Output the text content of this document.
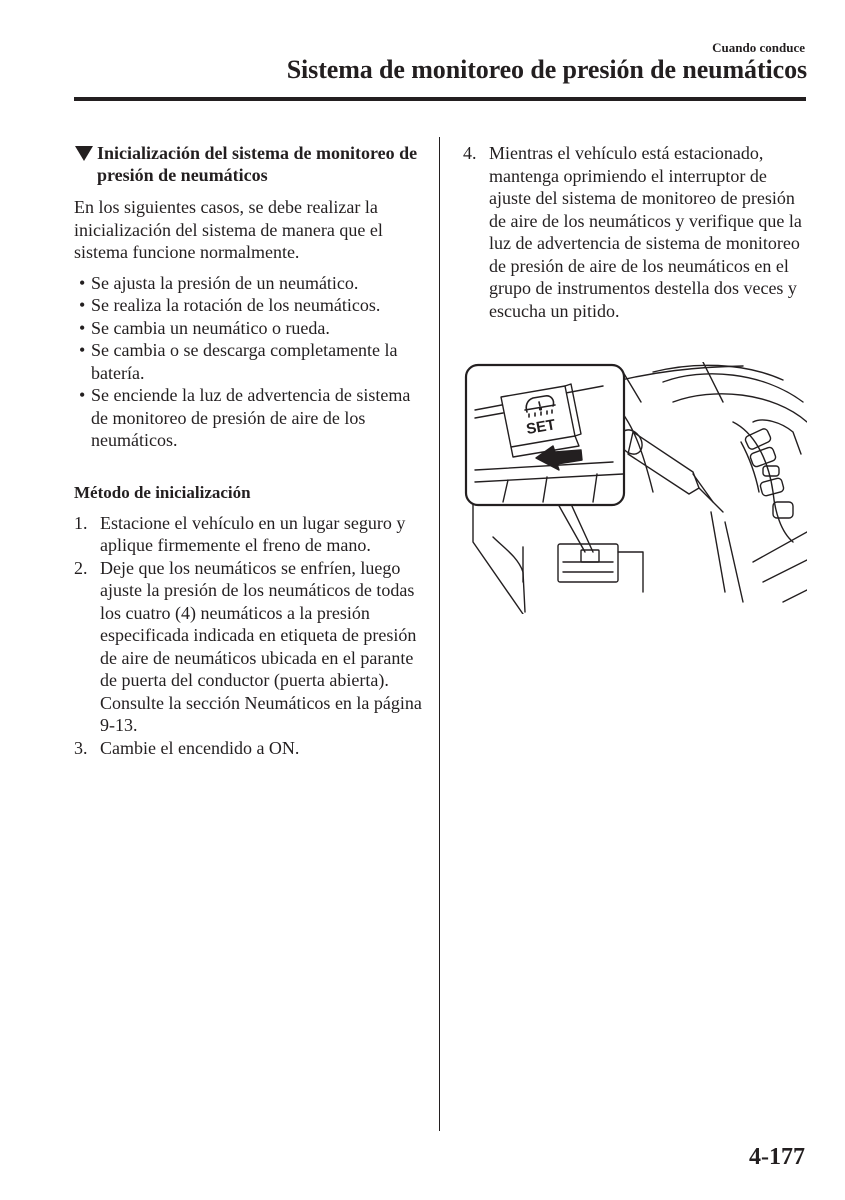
Cuando conduce
Sistema de monitoreo de presión de neumáticos
Inicialización del sistema de monitoreo de presión de neumáticos

En los siguientes casos, se debe realizar la inicialización del sistema de manera que el sistema funcione normalmente.

• Se ajusta la presión de un neumático.
• Se realiza la rotación de los neumáticos.
• Se cambia un neumático o rueda.
• Se cambia o se descarga completamente la batería.
• Se enciende la luz de advertencia de sistema de monitoreo de presión de aire de los neumáticos.
Método de inicialización
1. Estacione el vehículo en un lugar seguro y aplique firmemente el freno de mano.
2. Deje que los neumáticos se enfríen, luego ajuste la presión de los neumáticos de todas los cuatro (4) neumáticos a la presión especificada indicada en etiqueta de presión de aire de neumáticos ubicada en el parante de puerta del conductor (puerta abierta). Consulte la sección Neumáticos en la página 9-13.
3. Cambie el encendido a ON.
4. Mientras el vehículo está estacionado, mantenga oprimiendo el interruptor de ajuste del sistema de monitoreo de presión de aire de los neumáticos y verifique que la luz de advertencia de sistema de monitoreo de presión de aire de los neumáticos en el grupo de instrumentos destella dos veces y escucha un pitido.
SET
4-177
